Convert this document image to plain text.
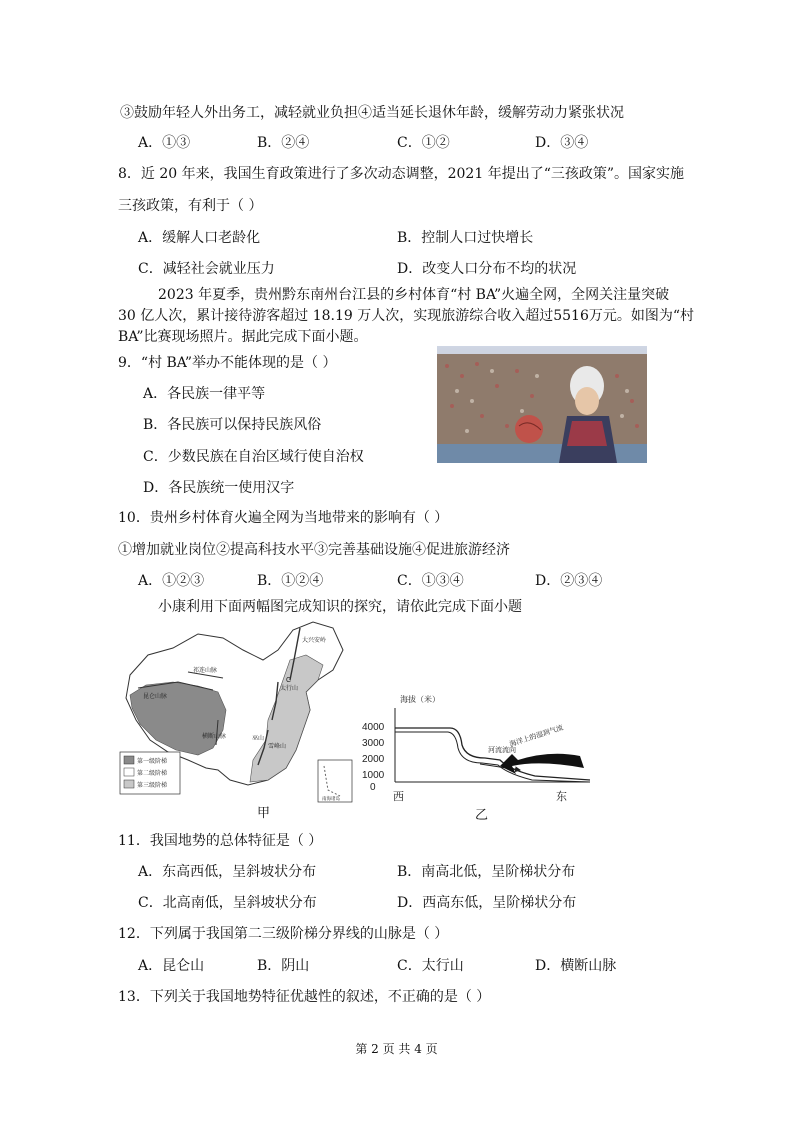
③鼓励年轻人外出务工，减轻就业负担④适当延长退休年龄，缓解劳动力紧张状况
A．①③	B．②④	C．①②	D．③④
8．近 20 年来，我国生育政策进行了多次动态调整，2021 年提出了“三孩政策”。国家实施
三孩政策，有利于（ ）
A．缓解人口老龄化	B．控制人口过快增长
C．减轻社会就业压力	D．改变人口分布不均的状况
2023 年夏季，贵州黔东南州台江县的乡村体育“村 BA”火遍全网，全网关注量突破
30 亿人次，累计接待游客超过 18.19 万人次，实现旅游综合收入超过5516万元。如图为“村
BA”比赛现场照片。据此完成下面小题。
9．“村 BA”举办不能体现的是（ ）
A．各民族一律平等
B．各民族可以保持民族风俗
C．少数民族在自治区域行使自治权
D．各民族统一使用汉字
10．贵州乡村体育火遍全网为当地带来的影响有（ ）
①增加就业岗位②提高科技水平③完善基础设施④促进旅游经济
A．①②③	B．①②④	C．①③④	D．②③④
小康利用下面两幅图完成知识的探究，请依此完成下面小题
大兴安岭
太行山
巫山
雪峰山
横断山脉
昆仑山脉
祁连山脉
C
第一级阶梯
第二级阶梯
第三级阶梯
南海诸岛
甲
海拔（米）
4000
3000
2000
1000
0
河流流向
海洋上的湿润气流
西	东
乙
11．我国地势的总体特征是（ ）
A．东高西低，呈斜坡状分布	B．南高北低，呈阶梯状分布
C．北高南低，呈斜坡状分布	D．西高东低，呈阶梯状分布
12．下列属于我国第二三级阶梯分界线的山脉是（ ）
A．昆仑山	B．阴山	C．太行山	D．横断山脉
13．下列关于我国地势特征优越性的叙述，不正确的是（ ）
第 2 页 共 4 页
